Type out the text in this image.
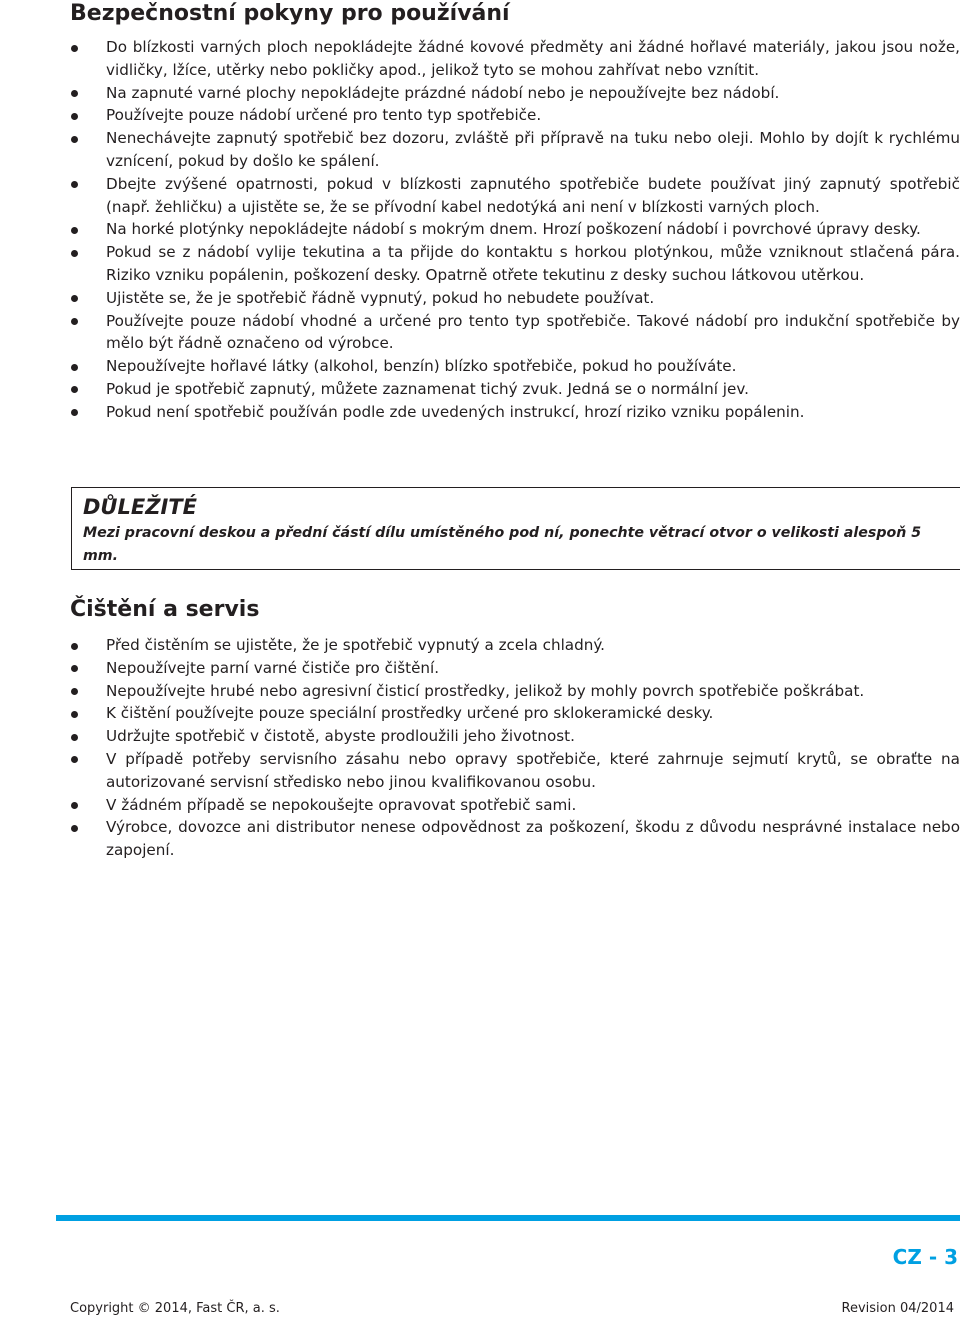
Bezpečnostní pokyny pro používání
Do blízkosti varných ploch nepokládejte žádné kovové předměty ani žádné hořlavé materiály, jakou jsou nože, vidličky, lžíce, utěrky nebo pokličky apod., jelikož tyto se mohou zahřívat nebo vznítit.
Na zapnuté varné plochy nepokládejte prázdné nádobí nebo je nepoužívejte bez nádobí.
Používejte pouze nádobí určené pro tento typ spotřebiče.
Nenechávejte zapnutý spotřebič bez dozoru, zvláště při přípravě na tuku nebo oleji. Mohlo by dojít k rychlému vznícení, pokud by došlo ke spálení.
Dbejte zvýšené opatrnosti, pokud v blízkosti zapnutého spotřebiče budete používat jiný zapnutý spotřebič (např. žehličku) a ujistěte se, že se přívodní kabel nedotýká ani není v blízkosti varných ploch.
Na horké plotýnky nepokládejte nádobí s mokrým dnem. Hrozí poškození nádobí i povrchové úpravy desky.
Pokud se z nádobí vylije tekutina a ta přijde do kontaktu s horkou plotýnkou, může vzniknout stlačená pára. Riziko vzniku popálenin, poškození desky. Opatrně otřete tekutinu z desky suchou látkovou utěrkou.
Ujistěte se, že je spotřebič řádně vypnutý, pokud ho nebudete používat.
Používejte pouze nádobí vhodné a určené pro tento typ spotřebiče. Takové nádobí pro indukční spotřebiče by mělo být řádně označeno od výrobce.
Nepoužívejte hořlavé látky (alkohol, benzín) blízko spotřebiče, pokud ho používáte.
Pokud je spotřebič zapnutý, můžete zaznamenat tichý zvuk. Jedná se o normální jev.
Pokud není spotřebič používán podle zde uvedených instrukcí, hrozí riziko vzniku popálenin.

DŮLEŽITÉ

Mezi pracovní deskou a přední částí dílu umístěného pod ní, ponechte větrací otvor o velikosti alespoň 5 mm.

Čištění a servis
Před čistěním se ujistěte, že je spotřebič vypnutý a zcela chladný.
Nepoužívejte parní varné čističe pro čištění.
Nepoužívejte hrubé nebo agresivní čisticí prostředky, jelikož by mohly povrch spotřebiče poškrábat.
K čištění používejte pouze speciální prostředky určené pro sklokeramické desky.
Udržujte spotřebič v čistotě, abyste prodloužili jeho životnost.
V případě potřeby servisního zásahu nebo opravy spotřebiče, které zahrnuje sejmutí krytů, se obraťte na autorizované servisní středisko nebo jinou kvalifikovanou osobu.
V žádném případě se nepokoušejte opravovat spotřebič sami.
Výrobce, dovozce ani distributor nenese odpovědnost za poškození, škodu z důvodu nesprávné instalace nebo zapojení.
CZ - 3
Copyright © 2014, Fast ČR, a. s.	Revision 04/2014
